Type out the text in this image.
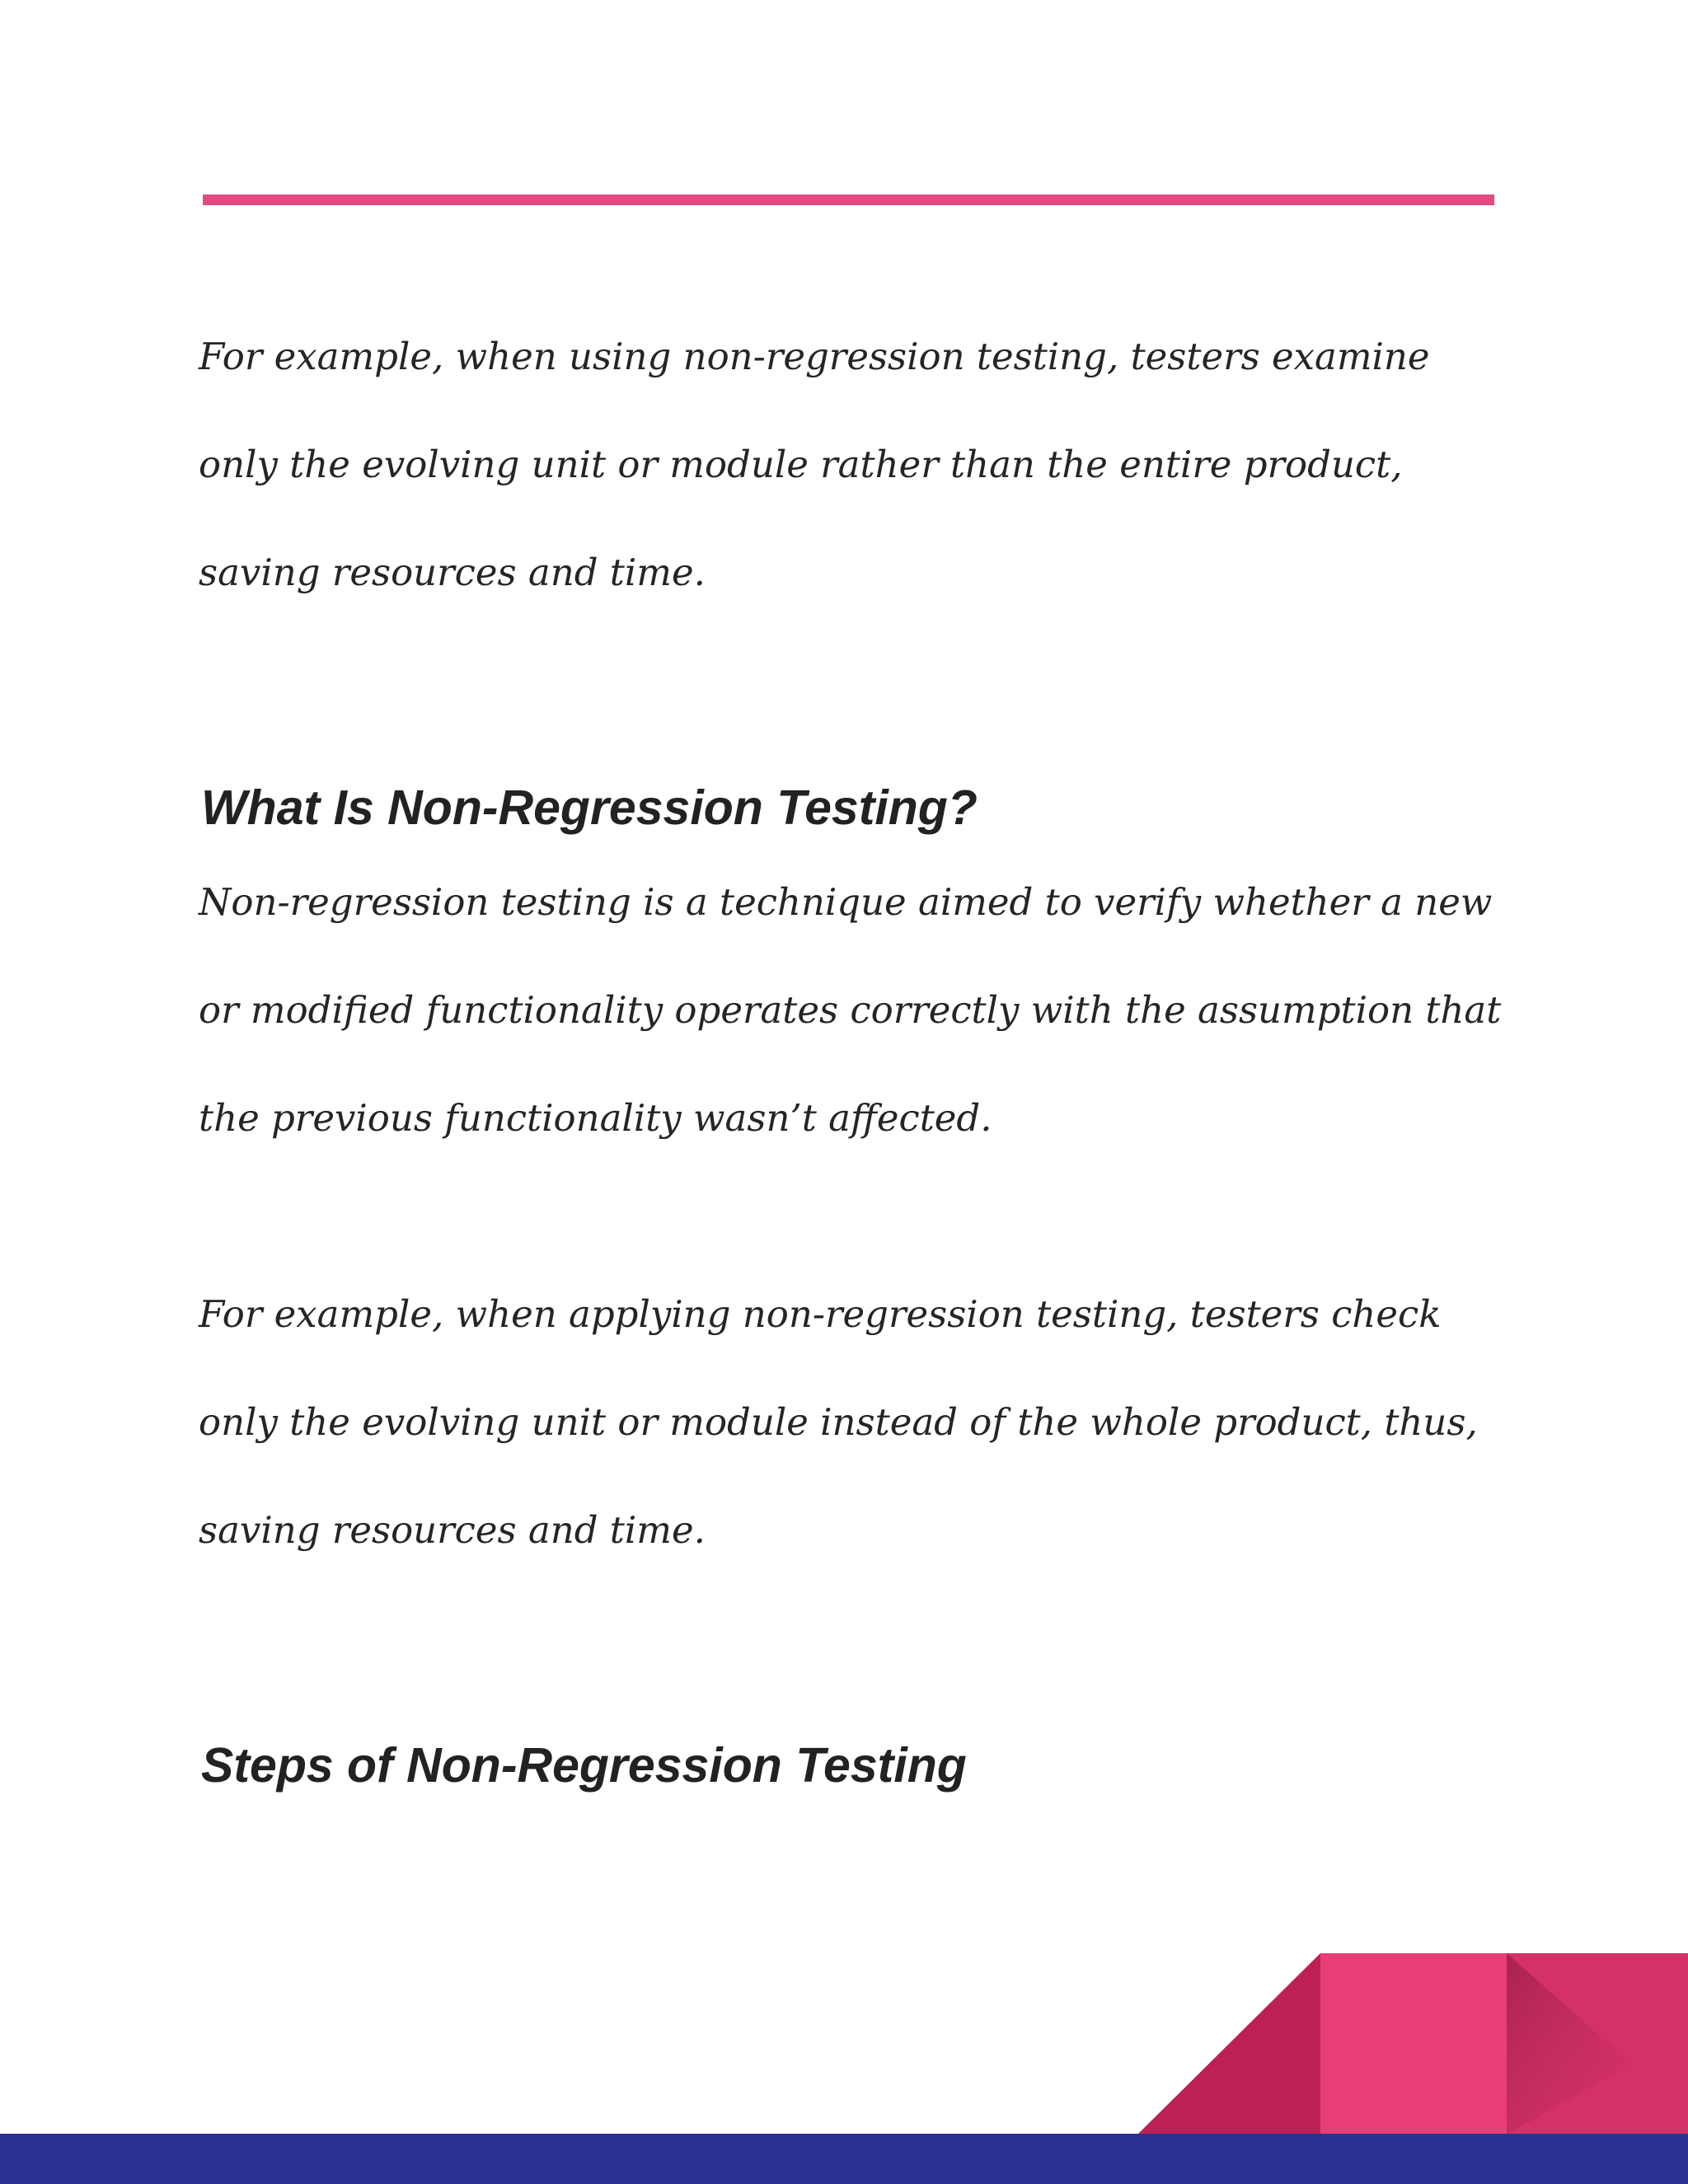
For example, when using non-regression testing, testers examine
only the evolving unit or module rather than the entire product,
saving resources and time.

What Is Non-Regression Testing?

Non-regression testing is a technique aimed to verify whether a new
or modified functionality operates correctly with the assumption that
the previous functionality wasn’t affected.

For example, when applying non-regression testing, testers check
only the evolving unit or module instead of the whole product, thus,
saving resources and time.

Steps of Non-Regression Testing
